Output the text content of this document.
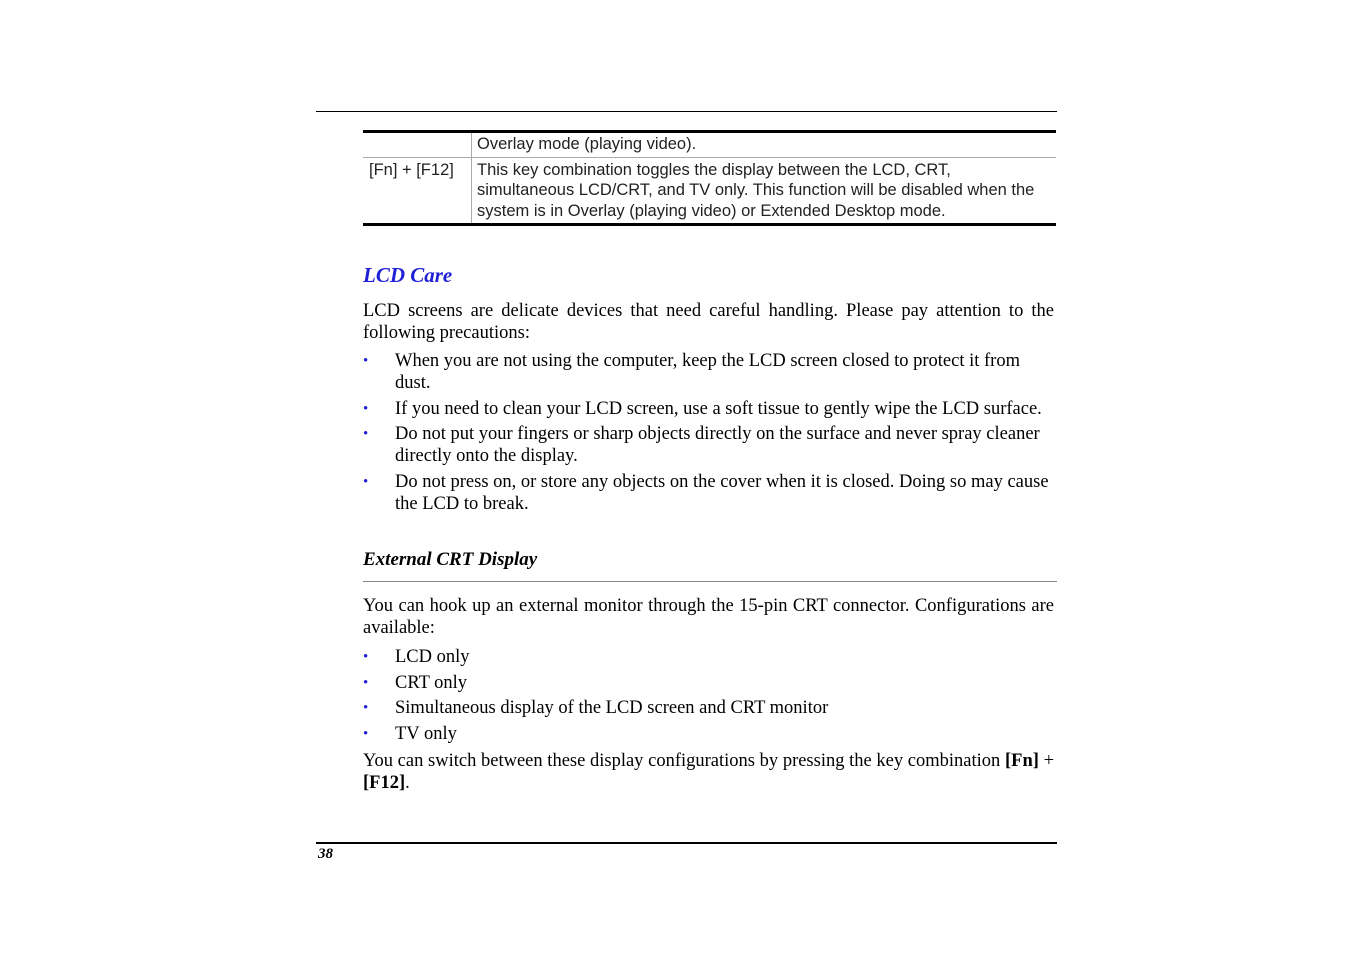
Overlay mode (playing video).
[Fn] + [F12]	This key combination toggles the display between the LCD, CRT, simultaneous LCD/CRT, and TV only. This function will be disabled when the system is in Overlay (playing video) or Extended Desktop mode.
LCD Care

LCD screens are delicate devices that need careful handling. Please pay attention to the following precautions:

• When you are not using the computer, keep the LCD screen closed to protect it from dust.
• If you need to clean your LCD screen, use a soft tissue to gently wipe the LCD surface.
• Do not put your fingers or sharp objects directly on the surface and never spray cleaner directly onto the display.
• Do not press on, or store any objects on the cover when it is closed. Doing so may cause the LCD to break.
External CRT Display

You can hook up an external monitor through the 15-pin CRT connector. Configurations are available:

• LCD only
• CRT only
• Simultaneous display of the LCD screen and CRT monitor
• TV only

You can switch between these display configurations by pressing the key combination [Fn] + [F12].

38
